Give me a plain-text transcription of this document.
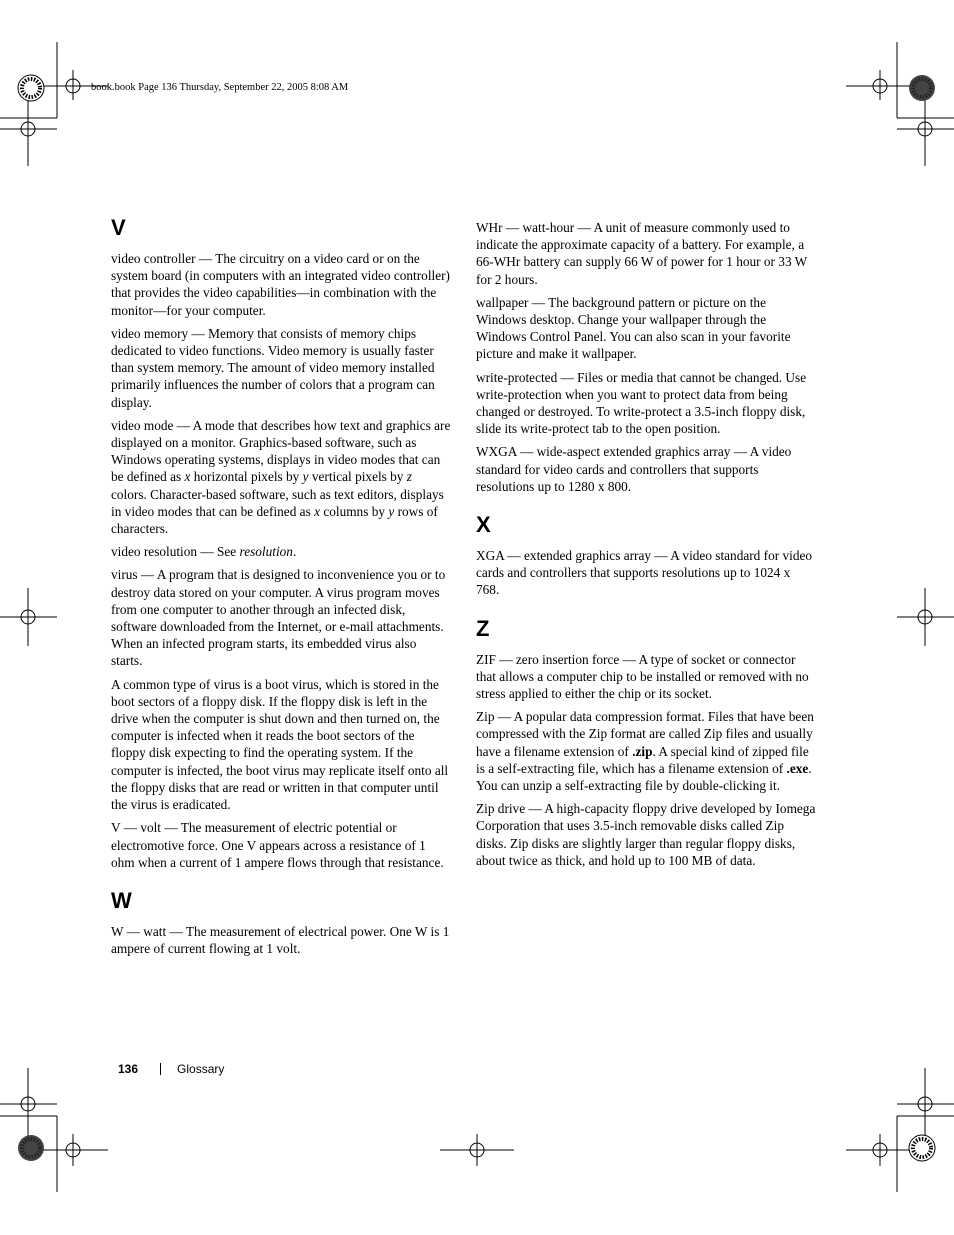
book.book Page 136 Thursday, September 22, 2005 8:08 AM
V

video controller — The circuitry on a video card or on the system board (in computers with an integrated video controller) that provides the video capabilities—in combination with the monitor—for your computer.

video memory — Memory that consists of memory chips dedicated to video functions. Video memory is usually faster than system memory. The amount of video memory installed primarily influences the number of colors that a program can display.

video mode — A mode that describes how text and graphics are displayed on a monitor. Graphics-based software, such as Windows operating systems, displays in video modes that can be defined as x horizontal pixels by y vertical pixels by z colors. Character-based software, such as text editors, displays in video modes that can be defined as x columns by y rows of characters.

video resolution — See resolution.

virus — A program that is designed to inconvenience you or to destroy data stored on your computer. A virus program moves from one computer to another through an infected disk, software downloaded from the Internet, or e-mail attachments. When an infected program starts, its embedded virus also starts.

A common type of virus is a boot virus, which is stored in the boot sectors of a floppy disk. If the floppy disk is left in the drive when the computer is shut down and then turned on, the computer is infected when it reads the boot sectors of the floppy disk expecting to find the operating system. If the computer is infected, the boot virus may replicate itself onto all the floppy disks that are read or written in that computer until the virus is eradicated.

V — volt — The measurement of electric potential or electromotive force. One V appears across a resistance of 1 ohm when a current of 1 ampere flows through that resistance.

W

W — watt — The measurement of electrical power. One W is 1 ampere of current flowing at 1 volt.

WHr — watt-hour — A unit of measure commonly used to indicate the approximate capacity of a battery. For example, a 66-WHr battery can supply 66 W of power for 1 hour or 33 W for 2 hours.

wallpaper — The background pattern or picture on the Windows desktop. Change your wallpaper through the Windows Control Panel. You can also scan in your favorite picture and make it wallpaper.

write-protected — Files or media that cannot be changed. Use write-protection when you want to protect data from being changed or destroyed. To write-protect a 3.5-inch floppy disk, slide its write-protect tab to the open position.

WXGA — wide-aspect extended graphics array — A video standard for video cards and controllers that supports resolutions up to 1280 x 800.

X

XGA — extended graphics array — A video standard for video cards and controllers that supports resolutions up to 1024 x 768.

Z

ZIF — zero insertion force — A type of socket or connector that allows a computer chip to be installed or removed with no stress applied to either the chip or its socket.

Zip — A popular data compression format. Files that have been compressed with the Zip format are called Zip files and usually have a filename extension of .zip. A special kind of zipped file is a self-extracting file, which has a filename extension of .exe. You can unzip a self-extracting file by double-clicking it.

Zip drive — A high-capacity floppy drive developed by Iomega Corporation that uses 3.5-inch removable disks called Zip disks. Zip disks are slightly larger than regular floppy disks, about twice as thick, and hold up to 100 MB of data.

136	Glossary
